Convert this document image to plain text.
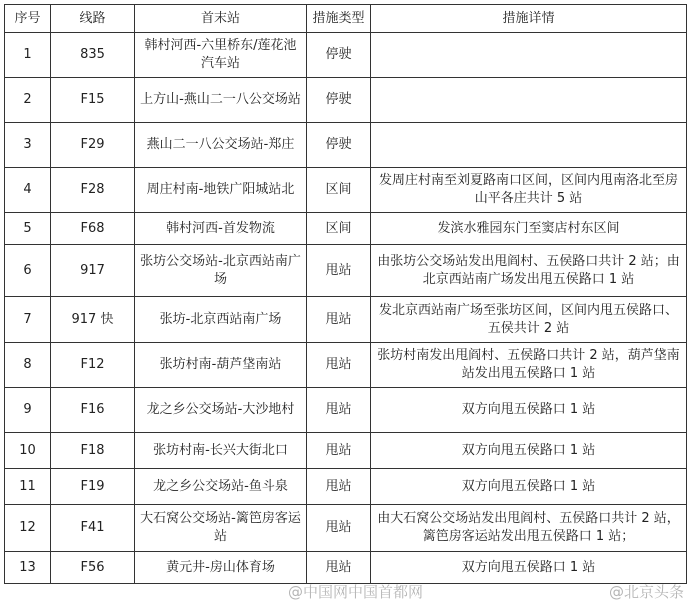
序号	线路	首末站	措施类型	措施详情
1	835	韩村河西-六里桥东/莲花池汽车站	停驶	
2	F15	上方山-燕山二一八公交场站	停驶	
3	F29	燕山二一八公交场站-郑庄	停驶	
4	F28	周庄村南-地铁广阳城站北	区间	发周庄村南至刘夏路南口区间，区间内甩南洛北至房山平各庄共计 5 站
5	F68	韩村河西-首发物流	区间	发滨水雅园东门至窦店村东区间
6	917	张坊公交场站-北京西站南广场	甩站	由张坊公交场站发出甩阎村、五侯路口共计 2 站；由北京西站南广场发出甩五侯路口 1 站
7	917 快	张坊-北京西站南广场	甩站	发北京西站南广场至张坊区间，区间内甩五侯路口、五侯共计 2 站
8	F12	张坊村南-葫芦垡南站	甩站	张坊村南发出甩阎村、五侯路口共计 2 站，葫芦垡南站发出甩五侯路口 1 站
9	F16	龙之乡公交场站-大沙地村	甩站	双方向甩五侯路口 1 站
10	F18	张坊村南-长兴大街北口	甩站	双方向甩五侯路口 1 站
11	F19	龙之乡公交场站-鱼斗泉	甩站	双方向甩五侯路口 1 站
12	F41	大石窝公交场站-篱笆房客运站	甩站	由大石窝公交场站发出甩阎村、五侯路口共计 2 站，篱笆房客运站发出甩五侯路口 1 站；
13	F56	黄元井-房山体育场	甩站	双方向甩五侯路口 1 站
@中国网中国首都网	@北京头条
